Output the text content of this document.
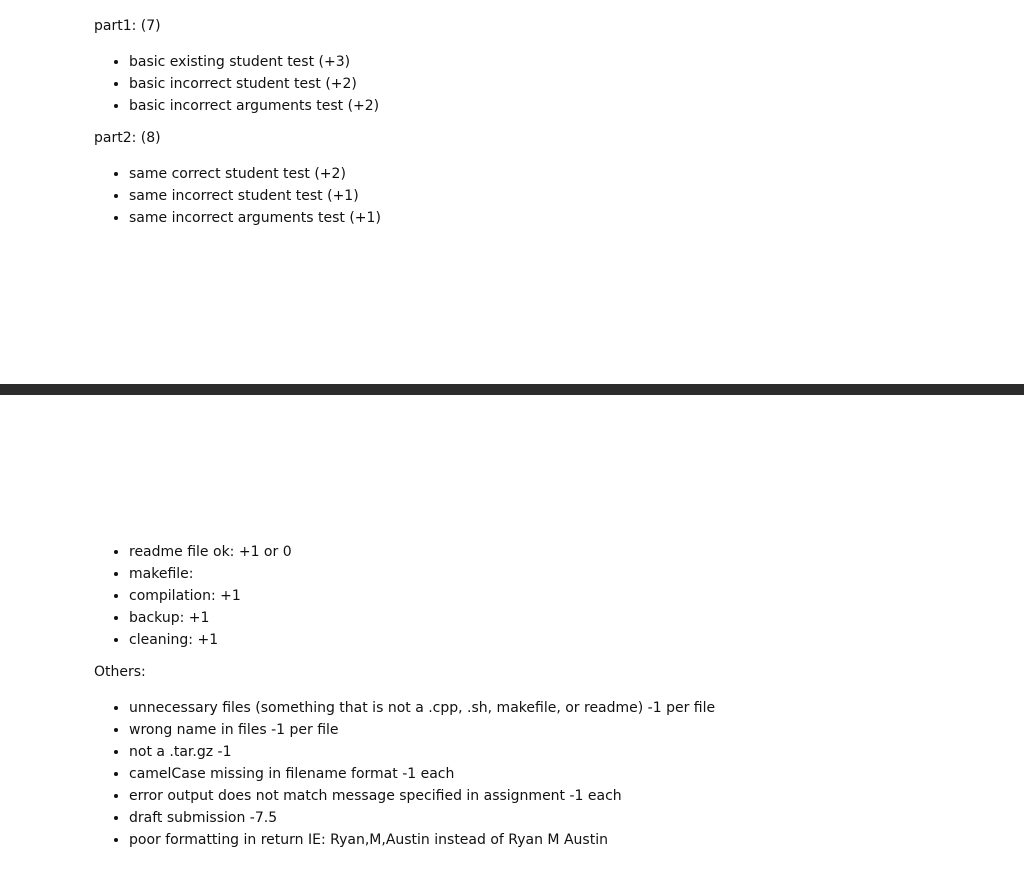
part1: (7)

basic existing student test (+3)
basic incorrect student test (+2)
basic incorrect arguments test (+2)

part2: (8)

same correct student test (+2)
same incorrect student test (+1)
same incorrect arguments test (+1)
readme file ok: +1 or 0
makefile:
compilation: +1
backup: +1
cleaning: +1

Others:

unnecessary files (something that is not a .cpp, .sh, makefile, or readme) -1 per file
wrong name in files -1 per file
not a .tar.gz -1
camelCase missing in filename format -1 each
error output does not match message specified in assignment -1 each
draft submission -7.5
poor formatting in return IE: Ryan,M,Austin instead of Ryan M Austin
